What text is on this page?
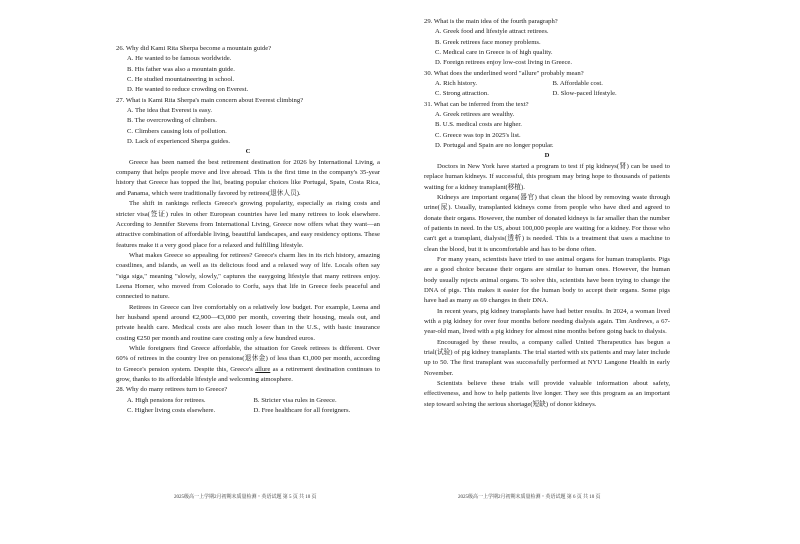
26. Why did Kami Rita Sherpa become a mountain guide?

A. He wanted to be famous worldwide.

B. His father was also a mountain guide.

C. He studied mountaineering in school.

D. He wanted to reduce crowding on Everest.

27. What is Kami Rita Sherpa's main concern about Everest climbing?

A. The idea that Everest is easy.

B. The overcrowding of climbers.

C. Climbers causing lots of pollution.

D. Lack of experienced Sherpa guides.

C

Greece has been named the best retirement destination for 2026 by International Living, a company that helps people move and live abroad. This is the first time in the company's 35-year history that Greece has topped the list, beating popular choices like Portugal, Spain, Costa Rica, and Panama, which were traditionally favored by retirees(退休人员).

The shift in rankings reflects Greece's growing popularity, especially as rising costs and stricter visa(签证) rules in other European countries have led many retirees to look elsewhere. According to Jennifer Stevens from International Living, Greece now offers what they want—an attractive combination of affordable living, beautiful landscapes, and easy residency options. These features make it a very good place for a relaxed and fulfilling lifestyle.

What makes Greece so appealing for retirees? Greece's charm lies in its rich history, amazing coastlines, and islands, as well as its delicious food and a relaxed way of life. Locals often say "siga siga," meaning "slowly, slowly," captures the easygoing lifestyle that many retirees enjoy. Leena Horner, who moved from Colorado to Corfu, says that life in Greece feels peaceful and connected to nature.

Retirees in Greece can live comfortably on a relatively low budget. For example, Leena and her husband spend around €2,900—€3,000 per month, covering their housing, meals out, and private health care. Medical costs are also much lower than in the U.S., with basic insurance costing €250 per month and routine care costing only a few hundred euros.

While foreigners find Greece affordable, the situation for Greek retirees is different. Over 60% of retirees in the country live on pensions(退休金) of less than €1,000 per month, according to Greece's pension system. Despite this, Greece's allure as a retirement destination continues to grow, thanks to its affordable lifestyle and welcoming atmosphere.

28. Why do many retirees turn to Greece?

A. High pensions for retirees.	B. Stricter visa rules in Greece.
C. Higher living costs elsewhere.	D. Free healthcare for all foreigners.

29. What is the main idea of the fourth paragraph?

A. Greek food and lifestyle attract retirees.

B. Greek retirees face money problems.

C. Medical care in Greece is of high quality.

D. Foreign retirees enjoy low-cost living in Greece.

30. What does the underlined word "allure" probably mean?

A. Rich history.	B. Affordable cost.
C. Strong attraction.	D. Slow-paced lifestyle.

31. What can be inferred from the text?

A. Greek retirees are wealthy.

B. U.S. medical costs are higher.

C. Greece was top in 2025's list.

D. Portugal and Spain are no longer popular.

D

Doctors in New York have started a program to test if pig kidneys(肾) can be used to replace human kidneys. If successful, this program may bring hope to thousands of patients waiting for a kidney transplant(移植).

Kidneys are important organs(器官) that clean the blood by removing waste through urine(尿). Usually, transplanted kidneys come from people who have died and agreed to donate their organs. However, the number of donated kidneys is far smaller than the number of patients in need. In the US, about 100,000 people are waiting for a kidney. For those who can't get a transplant, dialysis(透析) is needed. This is a treatment that uses a machine to clean the blood, but it is uncomfortable and has to be done often.

For many years, scientists have tried to use animal organs for human transplants. Pigs are a good choice because their organs are similar to human ones. However, the human body usually rejects animal organs. To solve this, scientists have been trying to change the DNA of pigs. This makes it easier for the human body to accept their organs. Some pigs have had as many as 69 changes in their DNA.

In recent years, pig kidney transplants have had better results. In 2024, a woman lived with a pig kidney for over four months before needing dialysis again. Tim Andrews, a 67-year-old man, lived with a pig kidney for almost nine months before going back to dialysis.

Encouraged by these results, a company called United Therapeutics has begun a trial(试验) of pig kidney transplants. The trial started with six patients and may later include up to 50. The first transplant was successfully performed at NYU Langone Health in early November.

Scientists believe these trials will provide valuable information about safety, effectiveness, and how to help patients live longer. They see this program as an important step toward solving the serious shortage(短缺) of donor kidneys.

2025级高一上学期2月初期末质量检测・英语试题 第 5 页 共 10 页	2025级高一上学期2月初期末质量检测・英语试题 第 6 页 共 10 页
